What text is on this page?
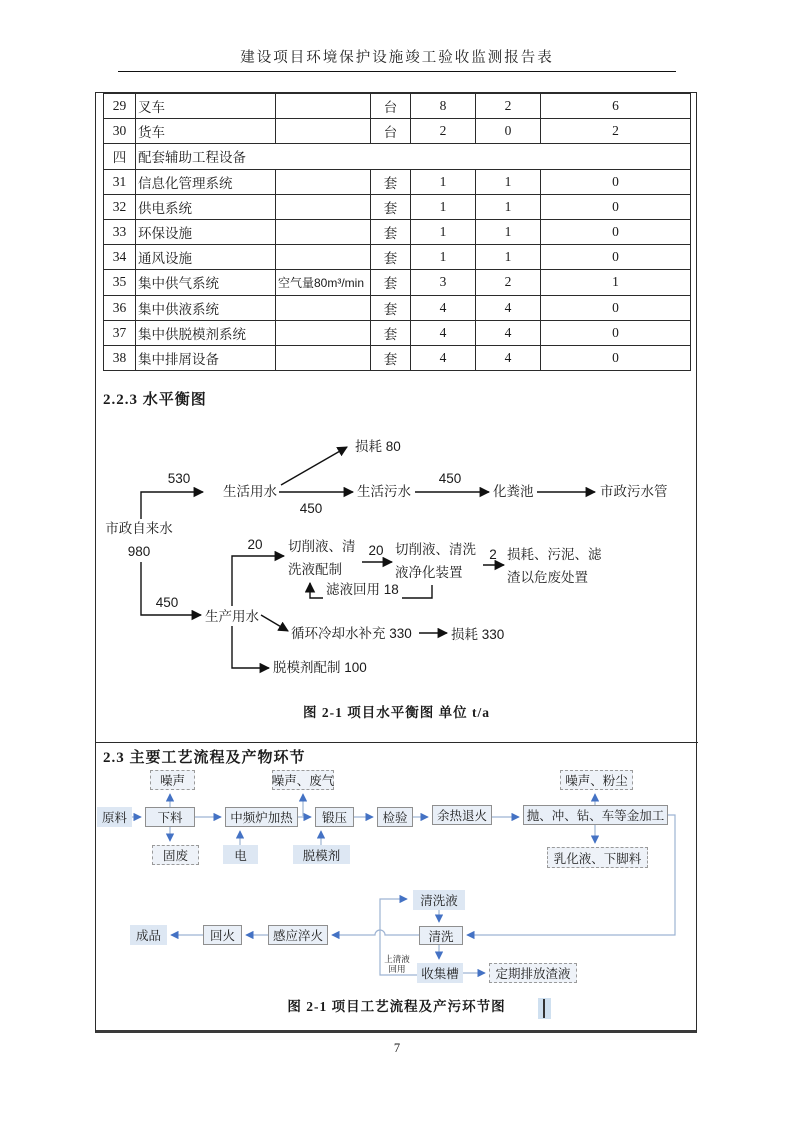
建设项目环境保护设施竣工验收监测报告表
29	叉车		台	8	2	6
30	货车		台	2	0	2
四	配套辅助工程设备					
31	信息化管理系统		套	1	1	0
32	供电系统		套	1	1	0
33	环保设施		套	1	1	0
34	通风设施		套	1	1	0
35	集中供气系统	空气量80m³/min	套	3	2	1
36	集中供液系统		套	4	4	0
37	集中供脱模剂系统		套	4	4	0
38	集中排屑设备		套	4	4	0
2.2.3 水平衡图
损耗 80
530
生活用水
450
生活污水
450
化粪池	市政污水管
市政自来水
980	20	切削液、清洗液配制
20 切削液、清洗液净化装置
2 损耗、污泥、滤渣以危废处置
滤液回用 18
450
生产用水
循环冷却水补充 330	损耗 330
脱模剂配制 100
图 2-1 项目水平衡图 单位 t/a
2.3 主要工艺流程及产物环节
噪声	噪声、废气	噪声、粉尘
原料	下料	中频炉加热	锻压	检验	余热退火	抛、冲、钻、车等金加工
固废	电	脱模剂	乳化液、下脚料
清洗液
清洗
感应淬火
回火
成品
收集槽	定期排放渣液
上清液回用
图 2-1 项目工艺流程及产污环节图
7
